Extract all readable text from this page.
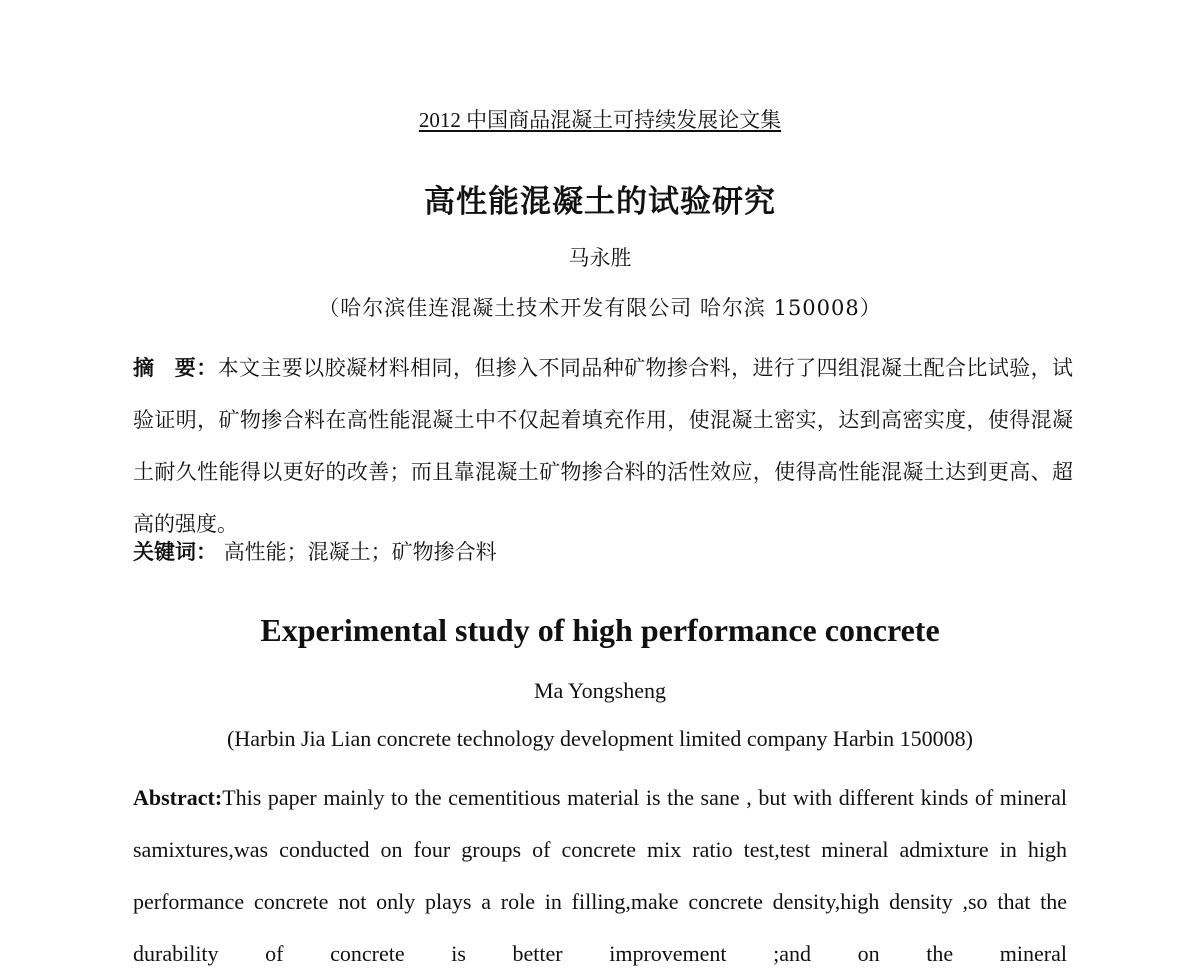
2012 中国商品混凝土可持续发展论文集
高性能混凝土的试验研究
马永胜
（哈尔滨佳连混凝土技术开发有限公司 哈尔滨 150008）
摘 要：本文主要以胶凝材料相同，但掺入不同品种矿物掺合料，进行了四组混凝土配合比试验，试验证明，矿物掺合料在高性能混凝土中不仅起着填充作用，使混凝土密实，达到高密实度，使得混凝土耐久性能得以更好的改善；而且靠混凝土矿物掺合料的活性效应，使得高性能混凝土达到更高、超高的强度。
关键词： 高性能；混凝土；矿物掺合料
Experimental study of high performance concrete
Ma Yongsheng
(Harbin Jia Lian concrete technology development limited company Harbin 150008)
Abstract:This paper mainly to the cementitious material is the sane , but with different kinds of mineral samixtures,was conducted on four groups of concrete mix ratio test,test mineral admixture in high performance concrete not only plays a role in filling,make concrete density,high density ,so that the durability of concrete is better improvement ;and on the mineral
